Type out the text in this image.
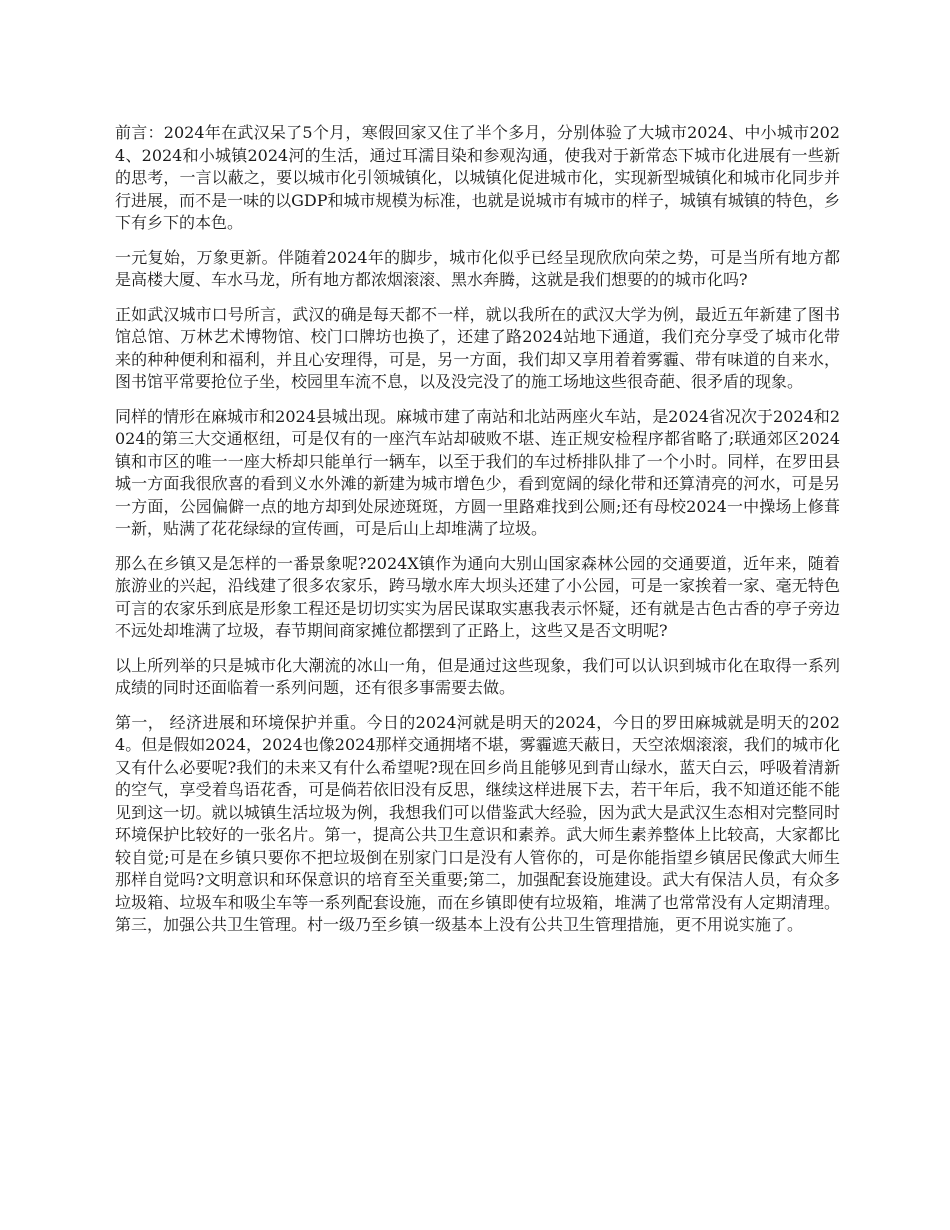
前言：2024年在武汉呆了5个月，寒假回家又住了半个多月，分别体验了大城市2024、中小城市2024、2024和小城镇2024河的生活，通过耳濡目染和参观沟通，使我对于新常态下城市化进展有一些新的思考，一言以蔽之，要以城市化引领城镇化，以城镇化促进城市化，实现新型城镇化和城市化同步并行进展，而不是一味的以GDP和城市规模为标准，也就是说城市有城市的样子，城镇有城镇的特色，乡下有乡下的本色。

一元复始，万象更新。伴随着2024年的脚步，城市化似乎已经呈现欣欣向荣之势，可是当所有地方都是高楼大厦、车水马龙，所有地方都浓烟滚滚、黑水奔腾，这就是我们想要的的城市化吗?

正如武汉城市口号所言，武汉的确是每天都不一样，就以我所在的武汉大学为例，最近五年新建了图书馆总馆、万林艺术博物馆、校门口牌坊也换了，还建了路2024站地下通道，我们充分享受了城市化带来的种种便利和福利，并且心安理得，可是，另一方面，我们却又享用着着雾霾、带有味道的自来水，图书馆平常要抢位子坐，校园里车流不息，以及没完没了的施工场地这些很奇葩、很矛盾的现象。

同样的情形在麻城市和2024县城出现。麻城市建了南站和北站两座火车站，是2024省况次于2024和2024的第三大交通枢纽，可是仅有的一座汽车站却破败不堪、连正规安检程序都省略了;联通郊区2024镇和市区的唯一一座大桥却只能单行一辆车，以至于我们的车过桥排队排了一个小时。同样，在罗田县城一方面我很欣喜的看到义水外滩的新建为城市增色少，看到宽阔的绿化带和还算清亮的河水，可是另一方面，公园偏僻一点的地方却到处尿迹斑斑，方圆一里路难找到公厕;还有母校2024一中操场上修葺一新，贴满了花花绿绿的宣传画，可是后山上却堆满了垃圾。

那么在乡镇又是怎样的一番景象呢?2024X镇作为通向大别山国家森林公园的交通要道，近年来，随着旅游业的兴起，沿线建了很多农家乐，跨马墩水库大坝头还建了小公园，可是一家挨着一家、毫无特色可言的农家乐到底是形象工程还是切切实实为居民谋取实惠我表示怀疑，还有就是古色古香的亭子旁边不远处却堆满了垃圾，春节期间商家摊位都摆到了正路上，这些又是否文明呢?

以上所列举的只是城市化大潮流的冰山一角，但是通过这些现象，我们可以认识到城市化在取得一系列成绩的同时还面临着一系列问题，还有很多事需要去做。

第一， 经济进展和环境保护并重。今日的2024河就是明天的2024，今日的罗田麻城就是明天的2024。但是假如2024，2024也像2024那样交通拥堵不堪，雾霾遮天蔽日，天空浓烟滚滚，我们的城市化又有什么必要呢?我们的未来又有什么希望呢?现在回乡尚且能够见到青山绿水，蓝天白云，呼吸着清新的空气，享受着鸟语花香，可是倘若依旧没有反思，继续这样进展下去，若干年后，我不知道还能不能见到这一切。就以城镇生活垃圾为例，我想我们可以借鉴武大经验，因为武大是武汉生态相对完整同时环境保护比较好的一张名片。第一，提高公共卫生意识和素养。武大师生素养整体上比较高，大家都比较自觉;可是在乡镇只要你不把垃圾倒在别家门口是没有人管你的，可是你能指望乡镇居民像武大师生那样自觉吗?文明意识和环保意识的培育至关重要;第二，加强配套设施建设。武大有保洁人员，有众多垃圾箱、垃圾车和吸尘车等一系列配套设施，而在乡镇即使有垃圾箱，堆满了也常常没有人定期清理。第三，加强公共卫生管理。村一级乃至乡镇一级基本上没有公共卫生管理措施，更不用说实施了。
